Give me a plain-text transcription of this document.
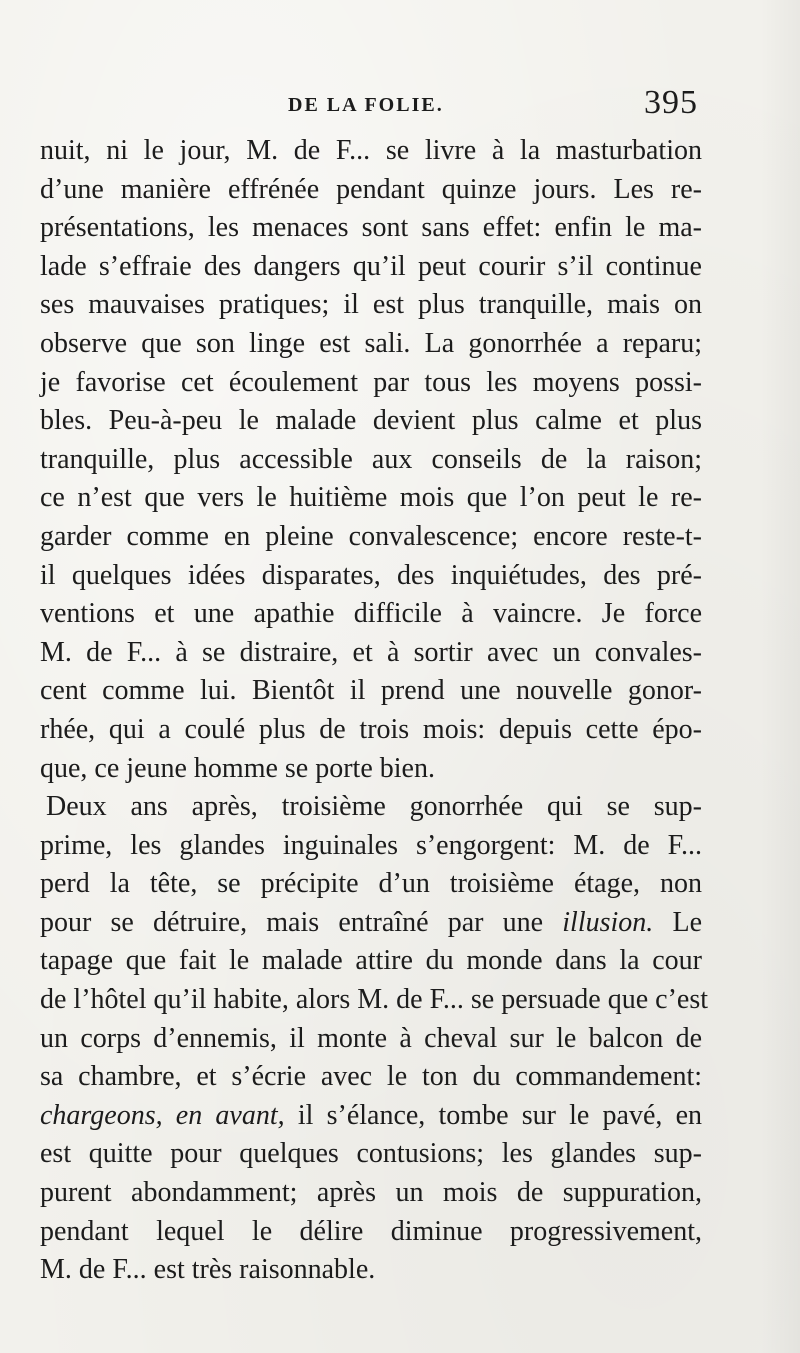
DE LA FOLIE.	395
nuit, ni le jour, M. de F... se livre à la masturbation
d’une manière effrénée pendant quinze jours. Les re-
présentations, les menaces sont sans effet: enfin le ma-
lade s’effraie des dangers qu’il peut courir s’il continue
ses mauvaises pratiques; il est plus tranquille, mais on
observe que son linge est sali. La gonorrhée a reparu;
je favorise cet écoulement par tous les moyens possi-
bles. Peu-à-peu le malade devient plus calme et plus
tranquille, plus accessible aux conseils de la raison;
ce n’est que vers le huitième mois que l’on peut le re-
garder comme en pleine convalescence; encore reste-t-
il quelques idées disparates, des inquiétudes, des pré-
ventions et une apathie difficile à vaincre. Je force
M. de F... à se distraire, et à sortir avec un convales-
cent comme lui. Bientôt il prend une nouvelle gonor-
rhée, qui a coulé plus de trois mois: depuis cette épo-
que, ce jeune homme se porte bien.
Deux ans après, troisième gonorrhée qui se sup-
prime, les glandes inguinales s’engorgent: M. de F...
perd la tête, se précipite d’un troisième étage, non
pour se détruire, mais entraîné par une illusion. Le
tapage que fait le malade attire du monde dans la cour
de l’hôtel qu’il habite, alors M. de F... se persuade que c’est
un corps d’ennemis, il monte à cheval sur le balcon de
sa chambre, et s’écrie avec le ton du commandement:
chargeons, en avant, il s’élance, tombe sur le pavé, en
est quitte pour quelques contusions; les glandes sup-
purent abondamment; après un mois de suppuration,
pendant lequel le délire diminue progressivement,
M. de F... est très raisonnable.
